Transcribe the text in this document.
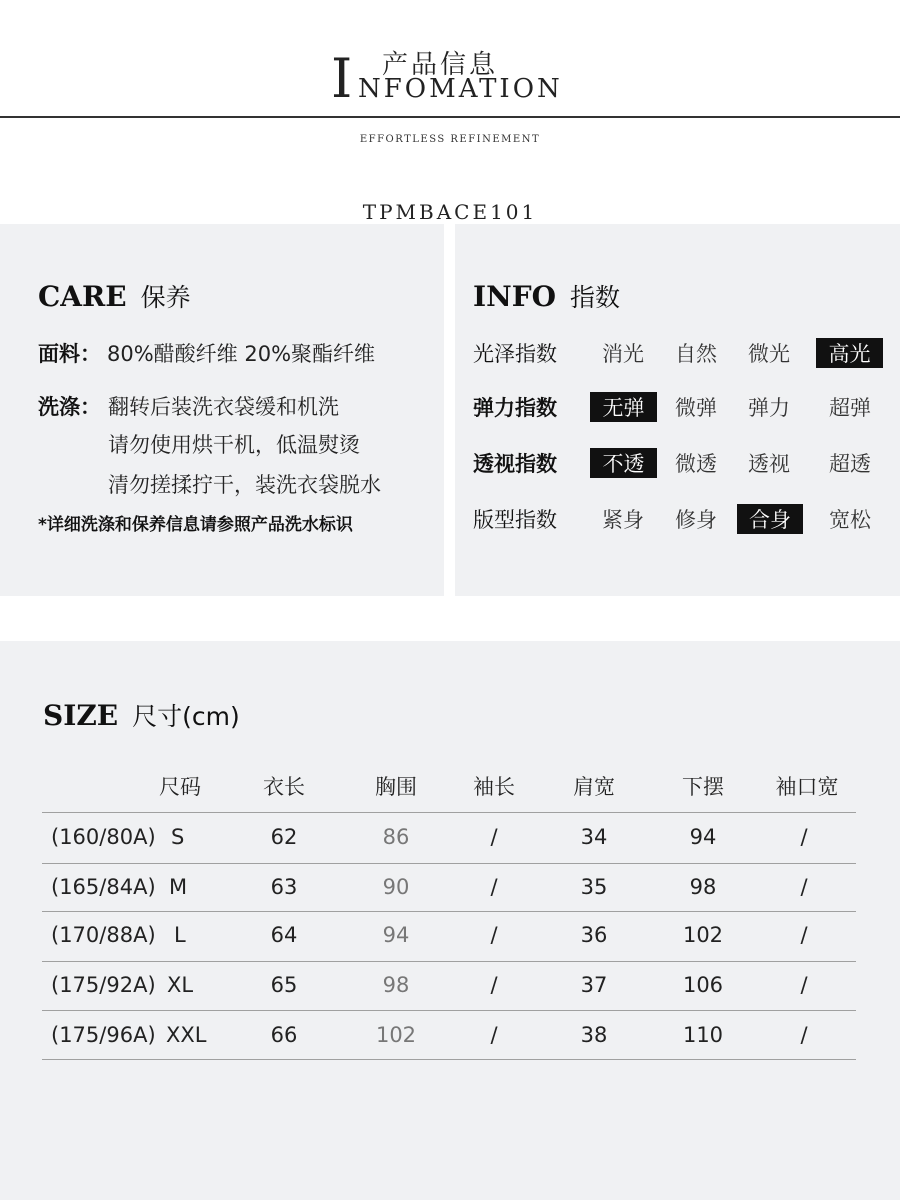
产品信息
I NFOMATION
EFFORTLESS REFINEMENT
TPMBACE101
CARE 保养
面料： 80%醋酸纤维 20%聚酯纤维
洗涤： 翻转后装洗衣袋缓和机洗
请勿使用烘干机，低温熨烫
清勿搓揉拧干，装洗衣袋脱水
*详细洗涤和保养信息请参照产品洗水标识
INFO 指数
光泽指数	消光	自然	微光	高光
弹力指数	无弹	微弹	弹力	超弹
透视指数	不透	微透	透视	超透
版型指数	紧身	修身	合身	宽松
SIZE 尺寸(cm)
尺码	衣长	胸围	袖长	肩宽	下摆	袖口宽
(160/80A) S	62	86	/	34	94	/
(165/84A) M	63	90	/	35	98	/
(170/88A) L	64	94	/	36	102	/
(175/92A) XL	65	98	/	37	106	/
(175/96A) XXL	66	102	/	38	110	/
